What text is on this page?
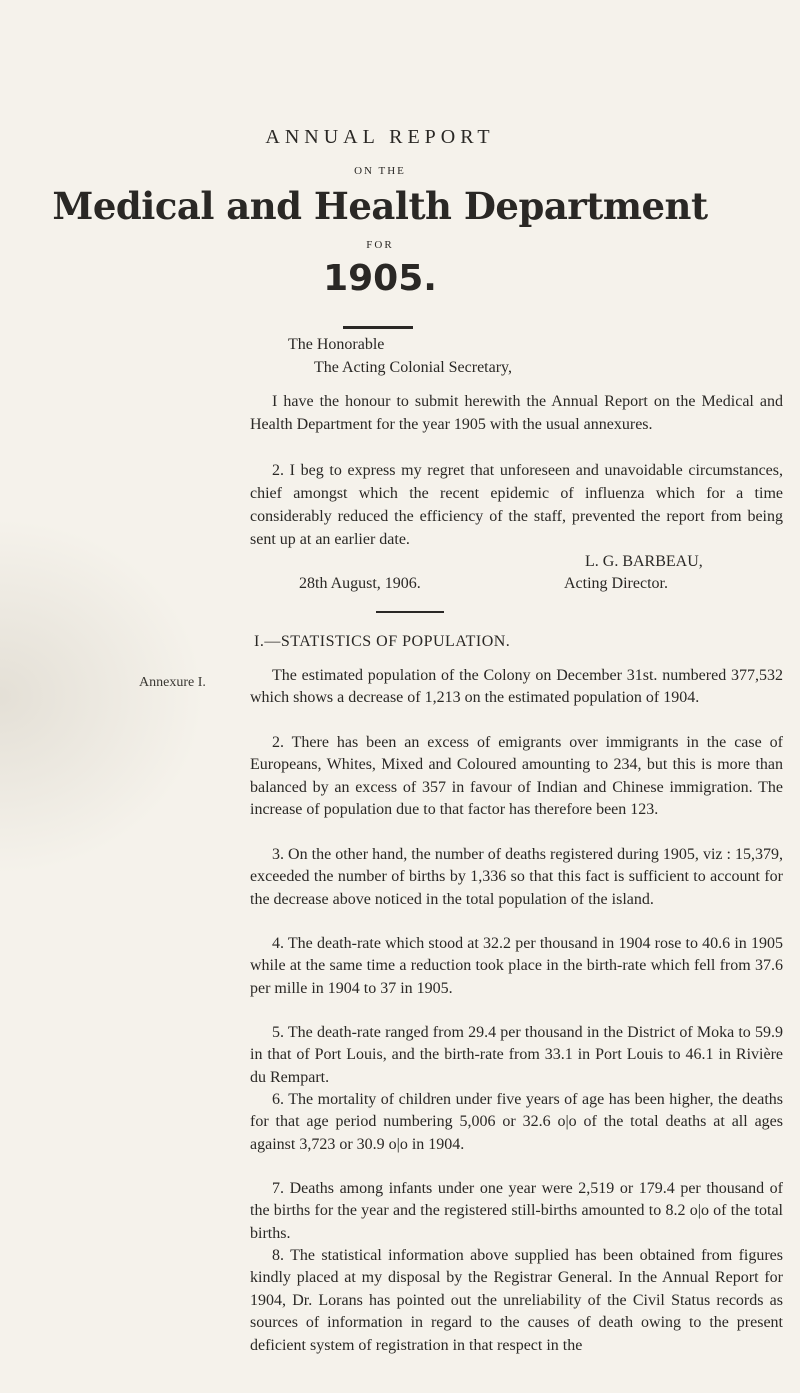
ANNUAL REPORT
ON THE
Medical and Health Department
FOR
1905.
The Honorable
The Acting Colonial Secretary,
I have the honour to submit herewith the Annual Report on the Medical and Health Department for the year 1905 with the usual annexures.
2. I beg to express my regret that unforeseen and unavoidable circumstances, chief amongst which the recent epidemic of influenza which for a time considerably reduced the efficiency of the staff, prevented the report from being sent up at an earlier date.
L. G. BARBEAU,
28th August, 1906.	Acting Director.
I.—STATISTICS OF POPULATION.
Annexure I.	The estimated population of the Colony on December 31st. numbered 377,532 which shows a decrease of 1,213 on the estimated population of 1904.
2. There has been an excess of emigrants over immigrants in the case of Europeans, Whites, Mixed and Coloured amounting to 234, but this is more than balanced by an excess of 357 in favour of Indian and Chinese immigration. The increase of population due to that factor has therefore been 123.
3. On the other hand, the number of deaths registered during 1905, viz : 15,379, exceeded the number of births by 1,336 so that this fact is sufficient to account for the decrease above noticed in the total population of the island.
4. The death-rate which stood at 32.2 per thousand in 1904 rose to 40.6 in 1905 while at the same time a reduction took place in the birth-rate which fell from 37.6 per mille in 1904 to 37 in 1905.
5. The death-rate ranged from 29.4 per thousand in the District of Moka to 59.9 in that of Port Louis, and the birth-rate from 33.1 in Port Louis to 46.1 in Rivière du Rempart.
6. The mortality of children under five years of age has been higher, the deaths for that age period numbering 5,006 or 32.6 o|o of the total deaths at all ages against 3,723 or 30.9 o|o in 1904.
7. Deaths among infants under one year were 2,519 or 179.4 per thousand of the births for the year and the registered still-births amounted to 8.2 o|o of the total births.
8. The statistical information above supplied has been obtained from figures kindly placed at my disposal by the Registrar General. In the Annual Report for 1904, Dr. Lorans has pointed out the unreliability of the Civil Status records as sources of information in regard to the causes of death owing to the present deficient system of registration in that respect in the
